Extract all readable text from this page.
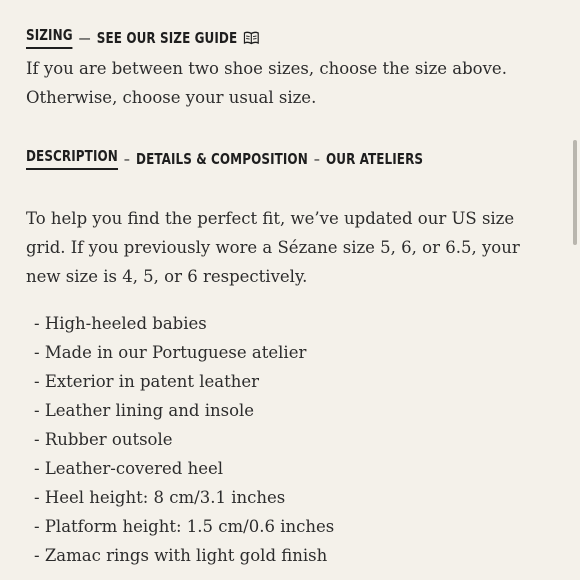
SIZING — SEE OUR SIZE GUIDE

If you are between two shoe sizes, choose the size above.

Otherwise, choose your usual size.

DESCRIPTION – DETAILS & COMPOSITION – OUR ATELIERS

To help you find the perfect fit, we’ve updated our US size

grid. If you previously wore a Sézane size 5, 6, or 6.5, your

new size is 4, 5, or 6 respectively.

- High-heeled babies
- Made in our Portuguese atelier
- Exterior in patent leather
- Leather lining and insole
- Rubber outsole
- Leather-covered heel
- Heel height: 8 cm/3.1 inches
- Platform height: 1.5 cm/0.6 inches
- Zamac rings with light gold finish
